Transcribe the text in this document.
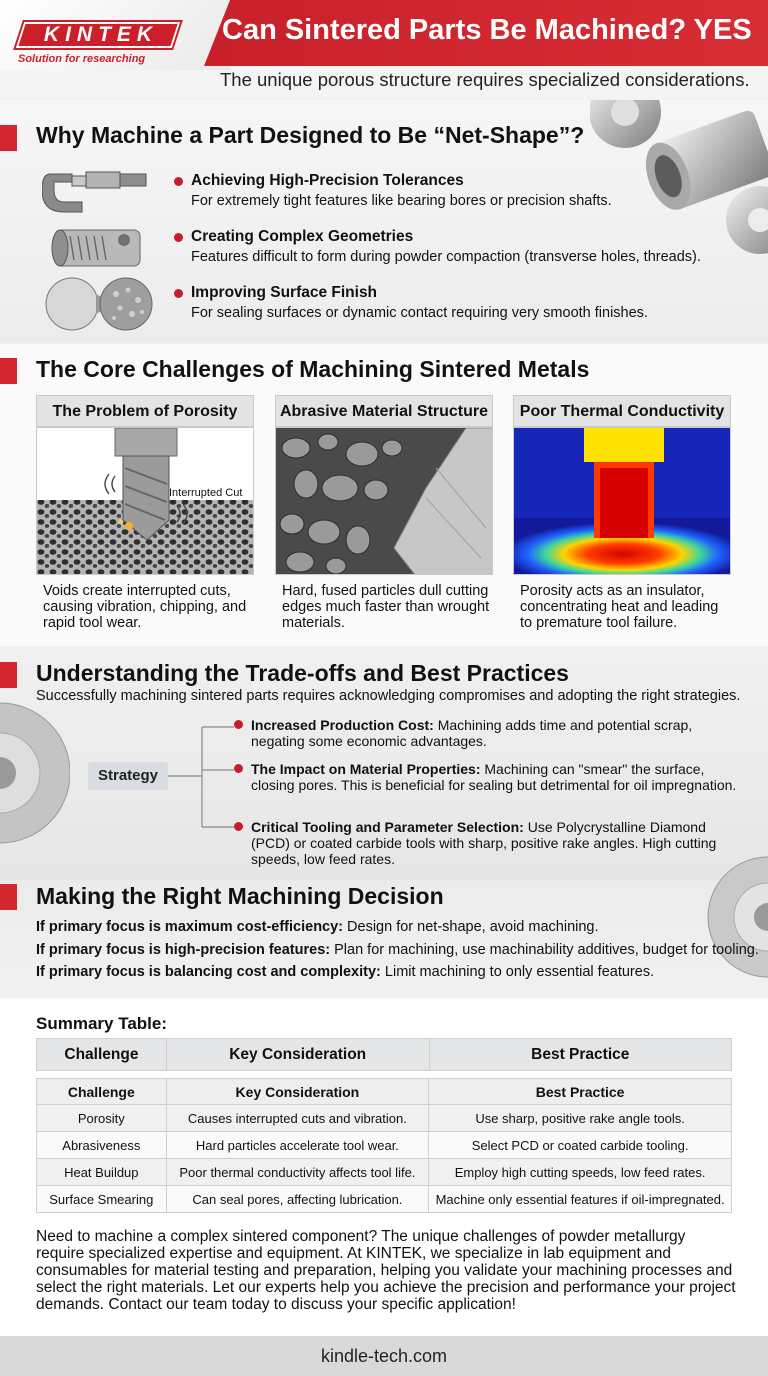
KINTEK
Solution for researching
Can Sintered Parts Be Machined? YES
The unique porous structure requires specialized considerations.
Why Machine a Part Designed to Be “Net-Shape”?
Achieving High-Precision Tolerances
For extremely tight features like bearing bores or precision shafts.
Creating Complex Geometries
Features difficult to form during powder compaction (transverse holes, threads).
Improving Surface Finish
For sealing surfaces or dynamic contact requiring very smooth finishes.
The Core Challenges of Machining Sintered Metals
The Problem of Porosity
Interrupted Cut
Voids create interrupted cuts, causing vibration, chipping, and rapid tool wear.
Abrasive Material Structure
Hard, fused particles dull cutting edges much faster than wrought materials.
Poor Thermal Conductivity
Porosity acts as an insulator, concentrating heat and leading to premature tool failure.
Understanding the Trade-offs and Best Practices
Successfully machining sintered parts requires acknowledging compromises and adopting the right strategies.
Strategy
Increased Production Cost: Machining adds time and potential scrap, negating some economic advantages.
The Impact on Material Properties: Machining can "smear" the surface, closing pores. This is beneficial for sealing but detrimental for oil impregnation.
Critical Tooling and Parameter Selection: Use Polycrystalline Diamond (PCD) or coated carbide tools with sharp, positive rake angles. High cutting speeds, low feed rates.
Making the Right Machining Decision
If primary focus is maximum cost-efficiency: Design for net-shape, avoid machining.
If primary focus is high-precision features: Plan for machining, use machinability additives, budget for tooling.
If primary focus is balancing cost and complexity: Limit machining to only essential features.
Summary Table:
Challenge	Key Consideration	Best Practice
Challenge	Key Consideration	Best Practice
Porosity	Causes interrupted cuts and vibration.	Use sharp, positive rake angle tools.
Abrasiveness	Hard particles accelerate tool wear.	Select PCD or coated carbide tooling.
Heat Buildup	Poor thermal conductivity affects tool life.	Employ high cutting speeds, low feed rates.
Surface Smearing	Can seal pores, affecting lubrication.	Machine only essential features if oil-impregnated.
Need to machine a complex sintered component? The unique challenges of powder metallurgy require specialized expertise and equipment. At KINTEK, we specialize in lab equipment and consumables for material testing and preparation, helping you validate your machining processes and select the right materials. Let our experts help you achieve the precision and performance your project demands. Contact our team today to discuss your specific application!
kindle-tech.com
